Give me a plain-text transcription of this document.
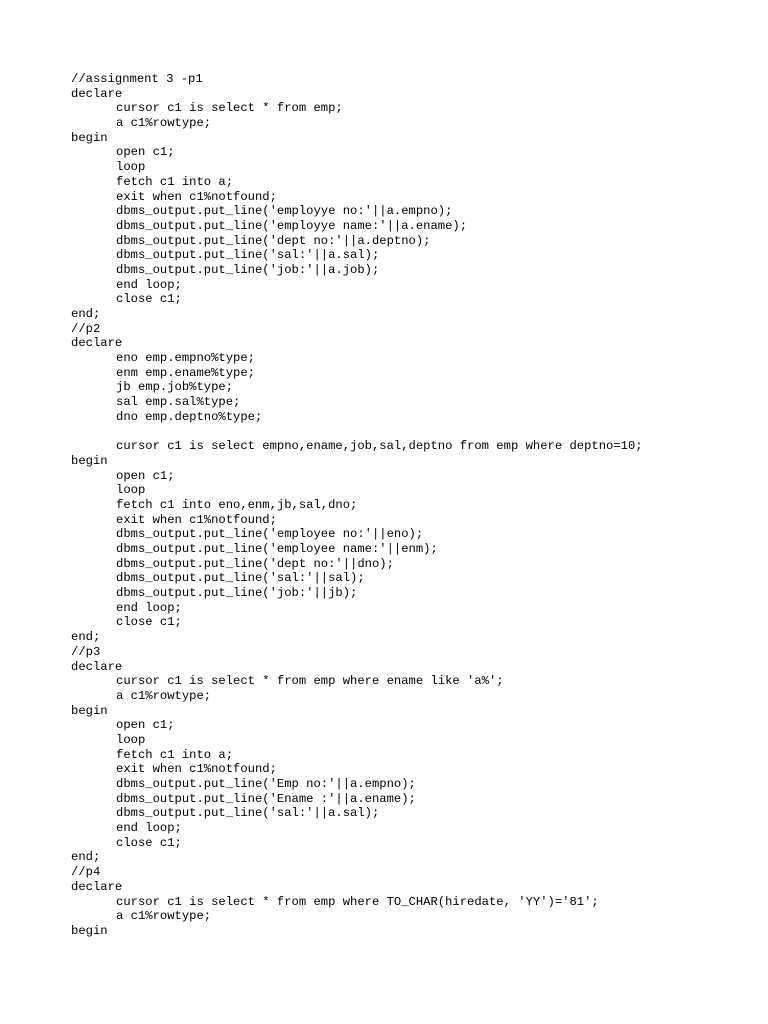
//assignment 3 -p1
declare
cursor c1 is select * from emp;
a c1%rowtype;
begin
open c1;
loop
fetch c1 into a;
exit when c1%notfound;
dbms_output.put_line('employye no:'||a.empno);
dbms_output.put_line('employye name:'||a.ename);
dbms_output.put_line('dept no:'||a.deptno);
dbms_output.put_line('sal:'||a.sal);
dbms_output.put_line('job:'||a.job);
end loop;
close c1;
end;
//p2
declare
eno emp.empno%type;
enm emp.ename%type;
jb emp.job%type;
sal emp.sal%type;
dno emp.deptno%type;
cursor c1 is select empno,ename,job,sal,deptno from emp where deptno=10;
begin
open c1;
loop
fetch c1 into eno,enm,jb,sal,dno;
exit when c1%notfound;
dbms_output.put_line('employee no:'||eno);
dbms_output.put_line('employee name:'||enm);
dbms_output.put_line('dept no:'||dno);
dbms_output.put_line('sal:'||sal);
dbms_output.put_line('job:'||jb);
end loop;
close c1;
end;
//p3
declare
cursor c1 is select * from emp where ename like 'a%';
a c1%rowtype;
begin
open c1;
loop
fetch c1 into a;
exit when c1%notfound;
dbms_output.put_line('Emp no:'||a.empno);
dbms_output.put_line('Ename :'||a.ename);
dbms_output.put_line('sal:'||a.sal);
end loop;
close c1;
end;
//p4
declare
cursor c1 is select * from emp where TO_CHAR(hiredate, 'YY')='81';
a c1%rowtype;
begin
